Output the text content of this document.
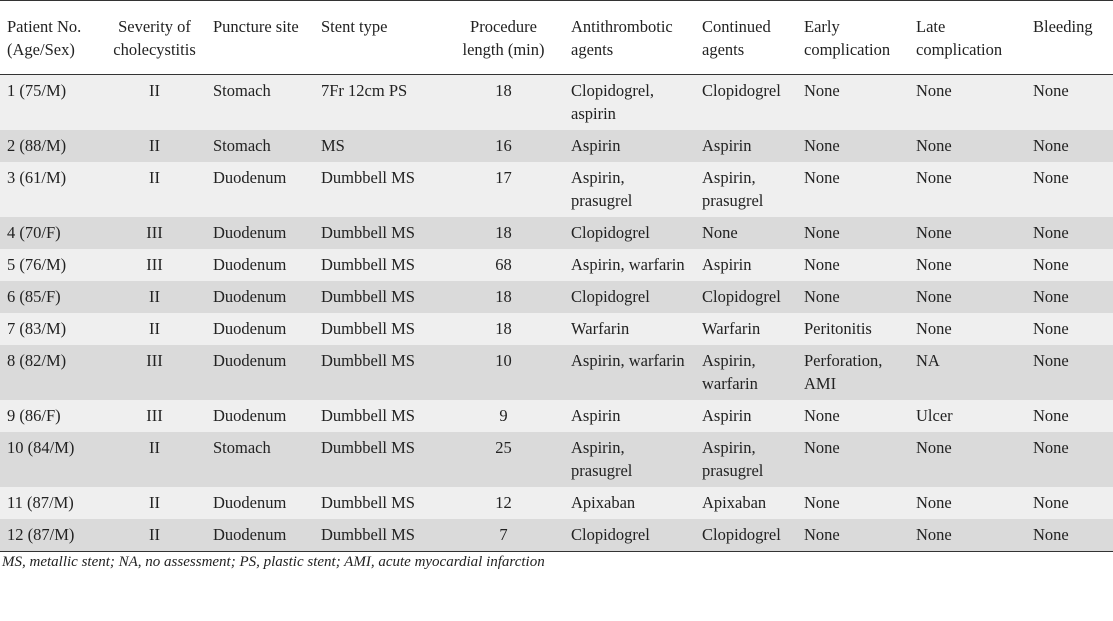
Patient No. (Age/Sex)	Severity of cholecystitis	Puncture site	Stent type	Procedure length (min)	Antithrombotic agents	Continued agents	Early complication	Late complication	Bleeding
1 (75/M)	II	Stomach	7Fr 12cm PS	18	Clopidogrel, aspirin	Clopidogrel	None	None	None
2 (88/M)	II	Stomach	MS	16	Aspirin	Aspirin	None	None	None
3 (61/M)	II	Duodenum	Dumbbell MS	17	Aspirin, prasugrel	Aspirin, prasugrel	None	None	None
4 (70/F)	III	Duodenum	Dumbbell MS	18	Clopidogrel	None	None	None	None
5 (76/M)	III	Duodenum	Dumbbell MS	68	Aspirin, warfarin	Aspirin	None	None	None
6 (85/F)	II	Duodenum	Dumbbell MS	18	Clopidogrel	Clopidogrel	None	None	None
7 (83/M)	II	Duodenum	Dumbbell MS	18	Warfarin	Warfarin	Peritonitis	None	None
8 (82/M)	III	Duodenum	Dumbbell MS	10	Aspirin, warfarin	Aspirin, warfarin	Perforation, AMI	NA	None
9 (86/F)	III	Duodenum	Dumbbell MS	9	Aspirin	Aspirin	None	Ulcer	None
10 (84/M)	II	Stomach	Dumbbell MS	25	Aspirin, prasugrel	Aspirin, prasugrel	None	None	None
11 (87/M)	II	Duodenum	Dumbbell MS	12	Apixaban	Apixaban	None	None	None
12 (87/M)	II	Duodenum	Dumbbell MS	7	Clopidogrel	Clopidogrel	None	None	None
MS, metallic stent; NA, no assessment; PS, plastic stent; AMI, acute myocardial infarction
